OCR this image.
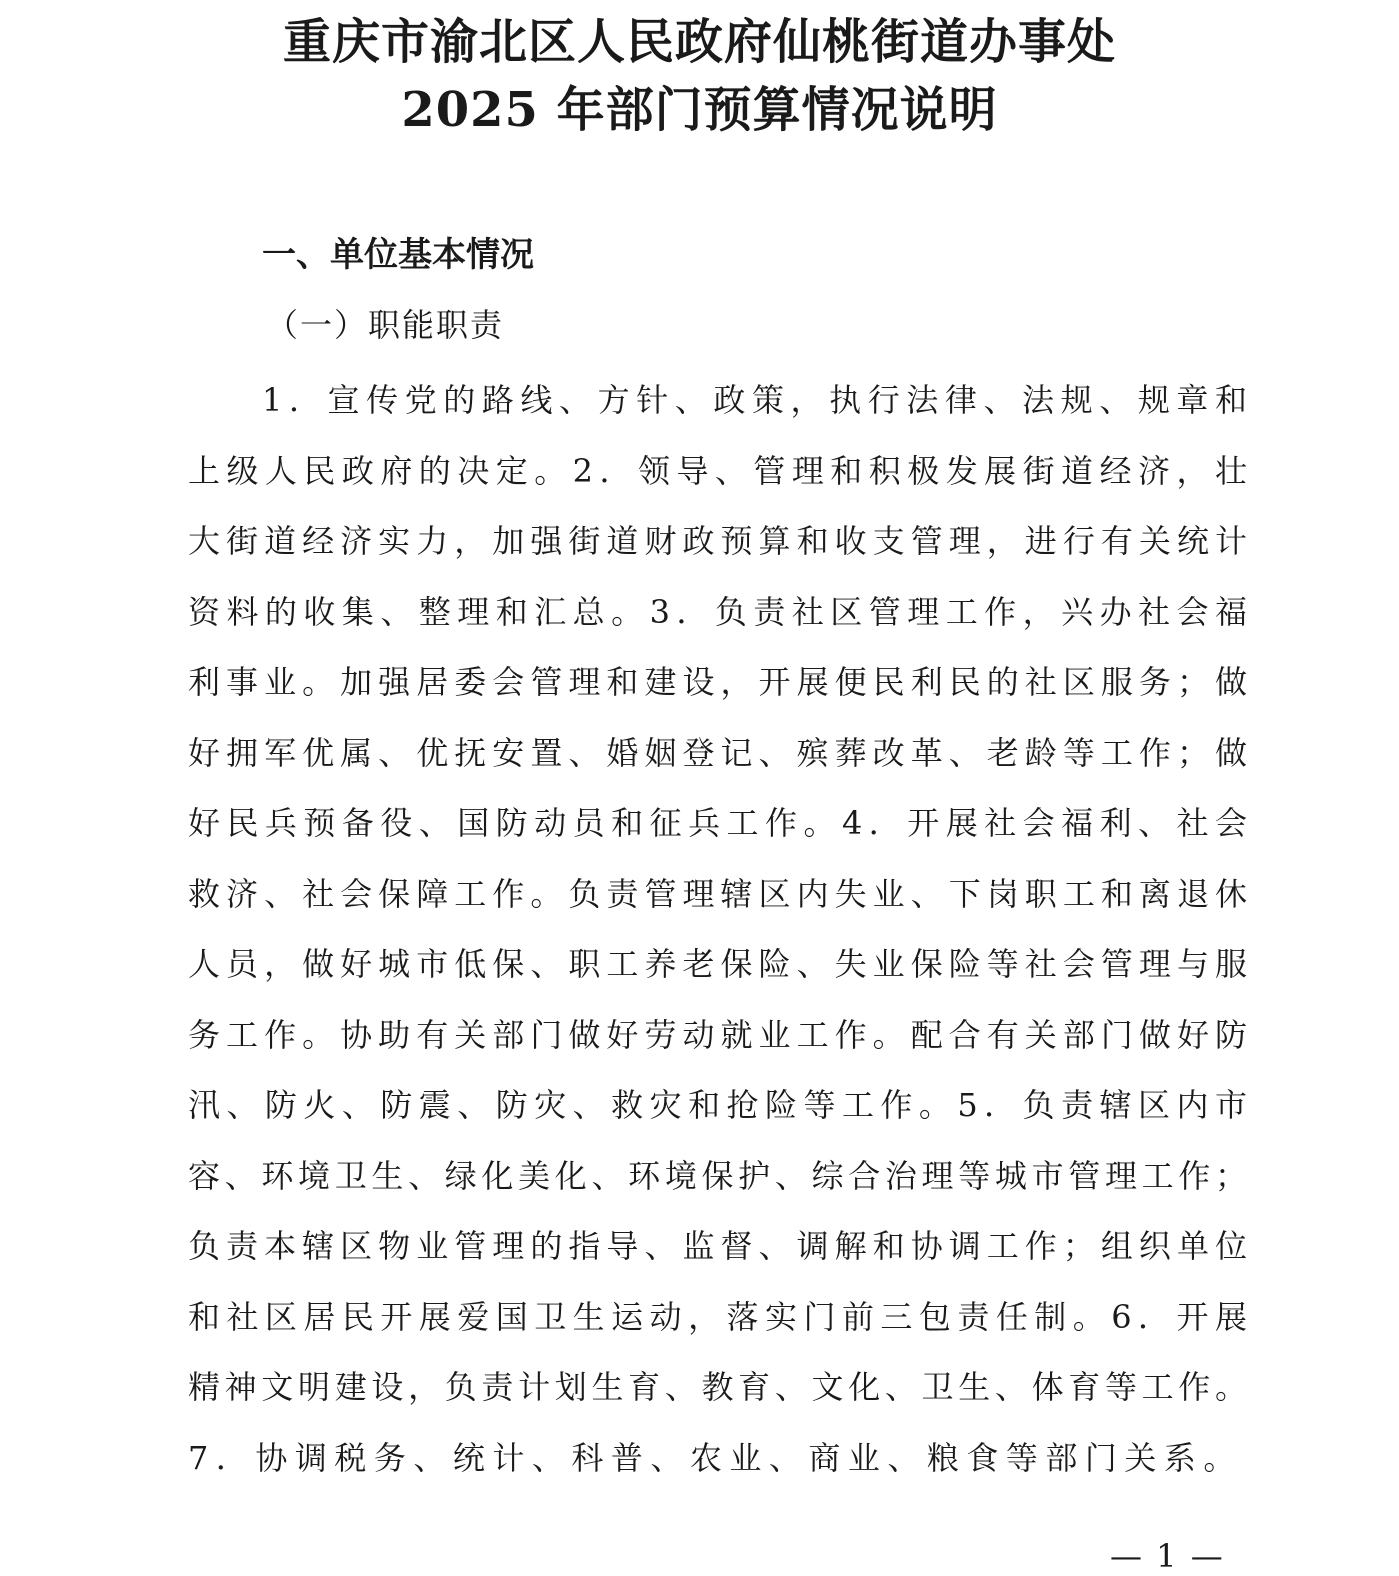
重庆市渝北区人民政府仙桃街道办事处
2025 年部门预算情况说明
一、单位基本情况
（一）职能职责
1．宣传党的路线、方针、政策，执行法律、法规、规章和
上级人民政府的决定。2．领导、管理和积极发展街道经济，壮
大街道经济实力，加强街道财政预算和收支管理，进行有关统计
资料的收集、整理和汇总。3．负责社区管理工作，兴办社会福
利事业。加强居委会管理和建设，开展便民利民的社区服务；做
好拥军优属、优抚安置、婚姻登记、殡葬改革、老龄等工作；做
好民兵预备役、国防动员和征兵工作。4．开展社会福利、社会
救济、社会保障工作。负责管理辖区内失业、下岗职工和离退休
人员，做好城市低保、职工养老保险、失业保险等社会管理与服
务工作。协助有关部门做好劳动就业工作。配合有关部门做好防
汛、防火、防震、防灾、救灾和抢险等工作。5．负责辖区内市
容、环境卫生、绿化美化、环境保护、综合治理等城市管理工作；
负责本辖区物业管理的指导、监督、调解和协调工作；组织单位
和社区居民开展爱国卫生运动，落实门前三包责任制。6．开展
精神文明建设，负责计划生育、教育、文化、卫生、体育等工作。
7．协调税务、统计、科普、农业、商业、粮食等部门关系。
— 1 —
